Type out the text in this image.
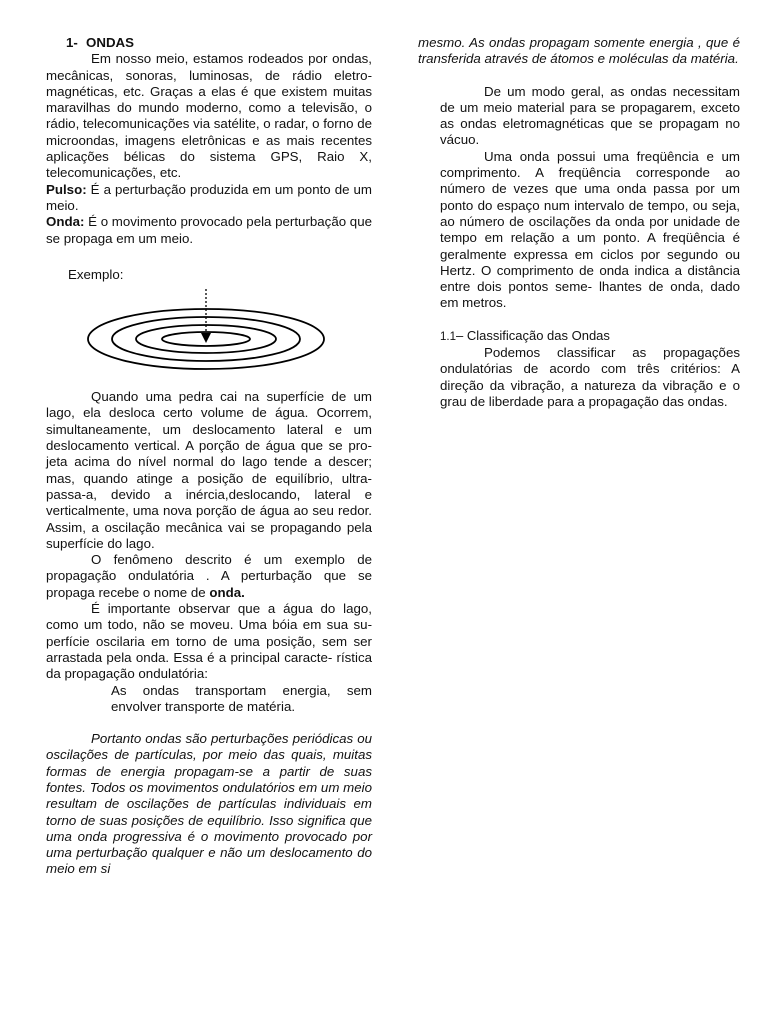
1- ONDAS

Em nosso meio, estamos rodeados por ondas, mecânicas, sonoras, luminosas, de rádio eletro- magnéticas, etc. Graças a elas é que existem muitas maravilhas do mundo moderno, como a televisão, o rádio, telecomunicações via satélite, o radar, o forno de microondas, imagens eletrônicas e as mais recentes aplicações bélicas do sistema GPS, Raio X, telecomunicações, etc.

Pulso: É a perturbação produzida em um ponto de um meio.

Onda: É o movimento provocado pela perturbação que se propaga em um meio.

Exemplo:

Quando uma pedra cai na superfície de um lago, ela desloca certo volume de água. Ocorrem, simultaneamente, um deslocamento lateral e um deslocamento vertical. A porção de água que se pro- jeta acima do nível normal do lago tende a descer; mas, quando atinge a posição de equilíbrio, ultra- passa-a, devido a inércia,deslocando, lateral e verticalmente, uma nova porção de água ao seu redor. Assim, a oscilação mecânica vai se propagando pela superfície do lago.

O fenômeno descrito é um exemplo de propagação ondulatória . A perturbação que se propaga recebe o nome de onda.

É importante observar que a água do lago, como um todo, não se moveu. Uma bóia em sua su- perfície oscilaria em torno de uma posição, sem ser arrastada pela onda. Essa é a principal caracte- rística da propagação ondulatória:

As ondas transportam energia, sem envolver transporte de matéria.

Portanto ondas são perturbações periódicas ou oscilações de partículas, por meio das quais, muitas formas de energia propagam-se a partir de suas fontes. Todos os movimentos ondulatórios em um meio resultam de oscilações de partículas individuais em torno de suas posições de equilíbrio. Isso significa que uma onda progressiva é o movimento provocado por uma perturbação qualquer e não um deslocamento do meio em si

mesmo. As ondas propagam somente energia , que é transferida através de átomos e moléculas da matéria.

De um modo geral, as ondas necessitam de um meio material para se propagarem, exceto as ondas eletromagnéticas que se propagam no vácuo.

Uma onda possui uma freqüência e um comprimento. A freqüência corresponde ao número de vezes que uma onda passa por um ponto do espaço num intervalo de tempo, ou seja, ao número de oscilações da onda por unidade de tempo em relação a um ponto. A freqüência é geralmente expressa em ciclos por segundo ou Hertz. O comprimento de onda indica a distância entre dois pontos seme- lhantes de onda, dado em metros.

1.1– Classificação das Ondas

Podemos classificar as propagações ondulatórias de acordo com três critérios: A direção da vibração, a natureza da vibração e o grau de liberdade para a propagação das ondas.
